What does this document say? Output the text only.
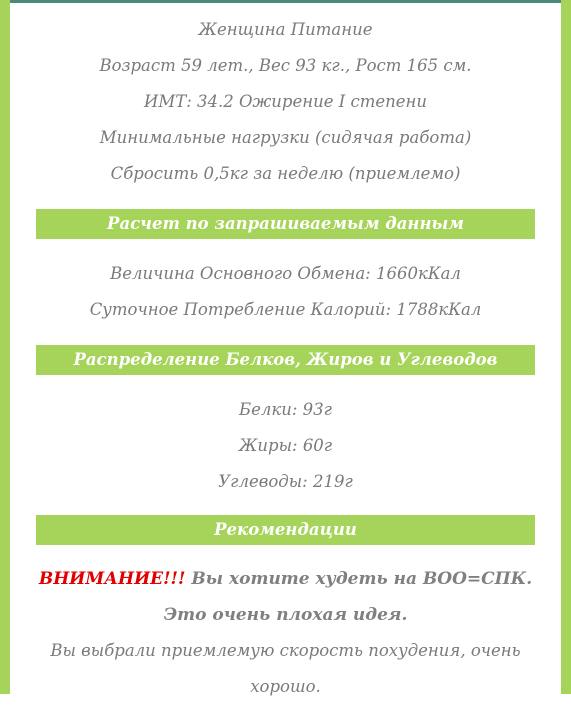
Женщина Питание
Возраст 59 лет., Вес 93 кг., Рост 165 см.
ИМТ: 34.2 Ожирение I степени
Минимальные нагрузки (сидячая работа)
Сбросить 0,5кг за неделю (приемлемо)
Расчет по запрашиваемым данным
Величина Основного Обмена: 1660кКал
Суточное Потребление Калорий: 1788кКал
Распределение Белков, Жиров и Углеводов
Белки: 93г
Жиры: 60г
Углеводы: 219г
Рекомендации
ВНИМАНИЕ!!! Вы хотите худеть на ВОО=СПК.
Это очень плохая идея.
Вы выбрали приемлемую скорость похудения, очень
хорошо.
